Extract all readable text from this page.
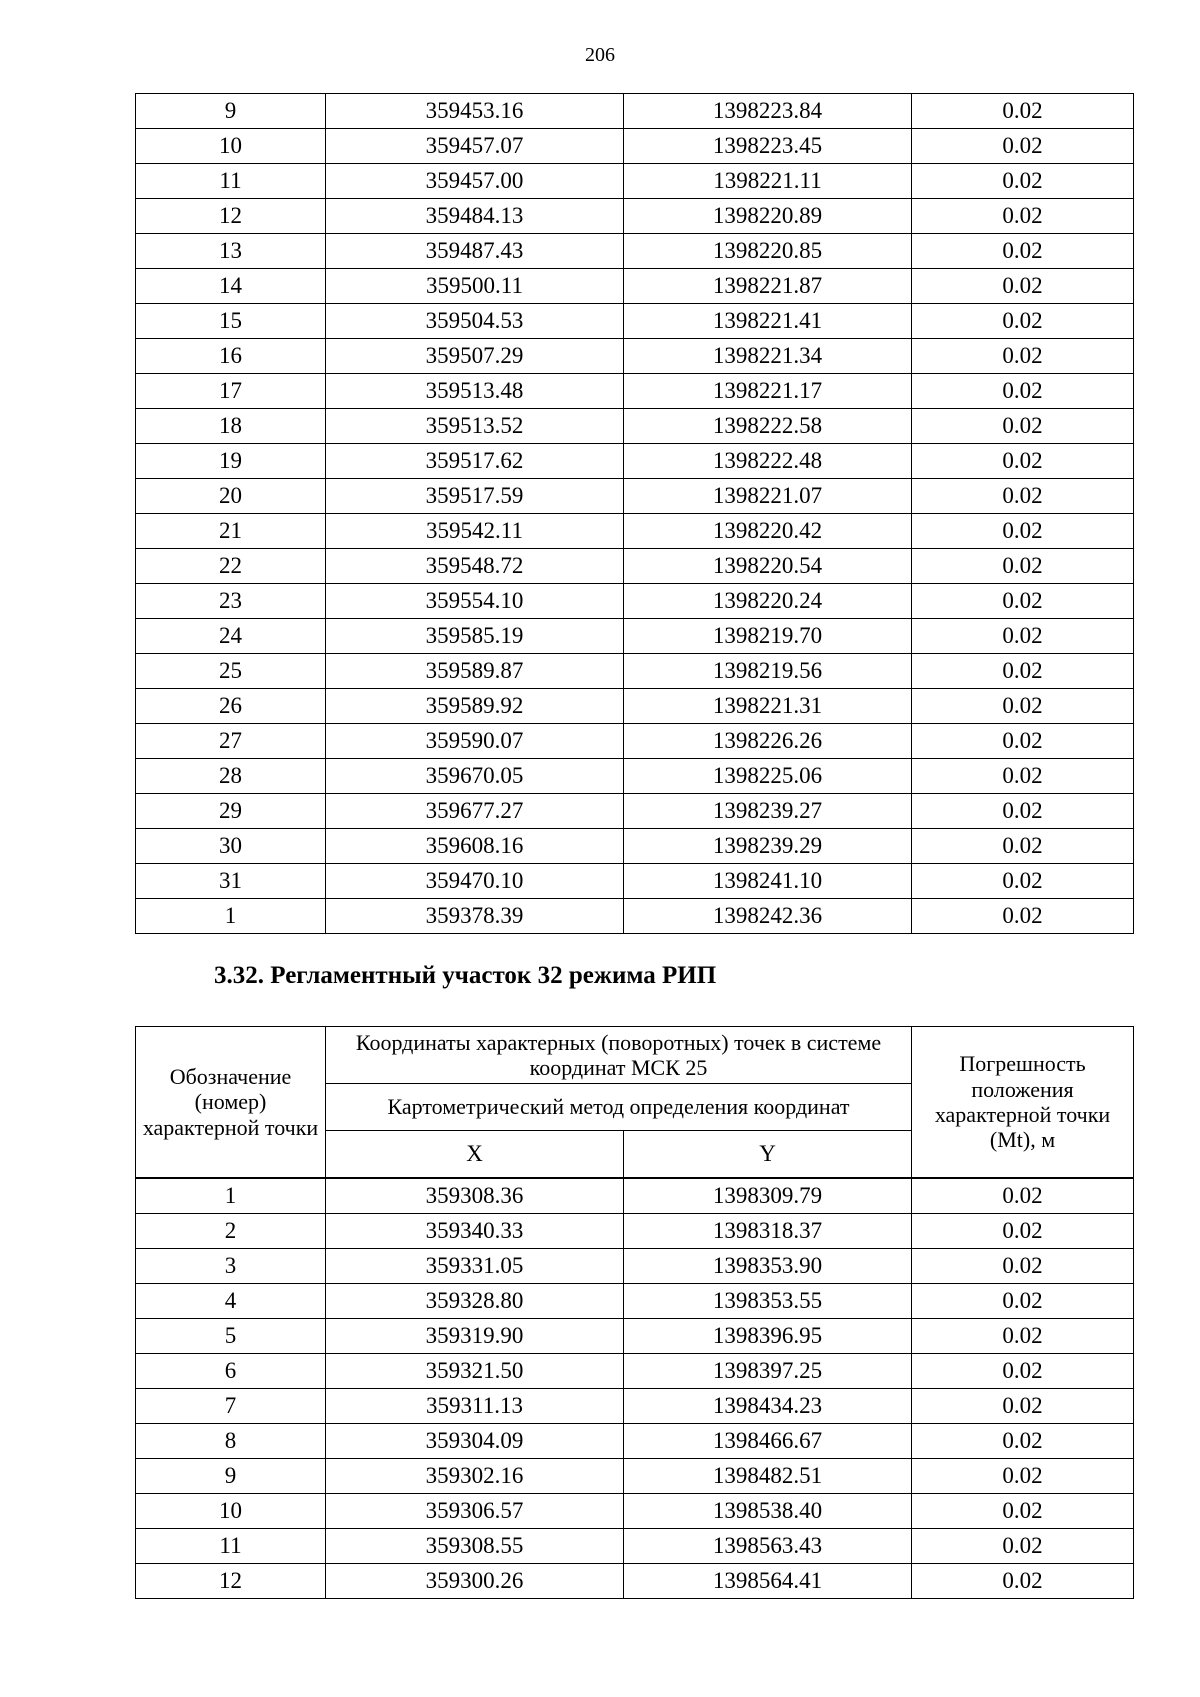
206
9	359453.16	1398223.84	0.02
10	359457.07	1398223.45	0.02
11	359457.00	1398221.11	0.02
12	359484.13	1398220.89	0.02
13	359487.43	1398220.85	0.02
14	359500.11	1398221.87	0.02
15	359504.53	1398221.41	0.02
16	359507.29	1398221.34	0.02
17	359513.48	1398221.17	0.02
18	359513.52	1398222.58	0.02
19	359517.62	1398222.48	0.02
20	359517.59	1398221.07	0.02
21	359542.11	1398220.42	0.02
22	359548.72	1398220.54	0.02
23	359554.10	1398220.24	0.02
24	359585.19	1398219.70	0.02
25	359589.87	1398219.56	0.02
26	359589.92	1398221.31	0.02
27	359590.07	1398226.26	0.02
28	359670.05	1398225.06	0.02
29	359677.27	1398239.27	0.02
30	359608.16	1398239.29	0.02
31	359470.10	1398241.10	0.02
1	359378.39	1398242.36	0.02
3.32. Регламентный участок 32 режима РИП
Обозначение (номер) характерной точки	Координаты характерных (поворотных) точек в системе координат МСК 25		Погрешность положения характерной точки (Mt), м
	Картометрический метод определения координат		
	X	Y	
1	359308.36	1398309.79	0.02
2	359340.33	1398318.37	0.02
3	359331.05	1398353.90	0.02
4	359328.80	1398353.55	0.02
5	359319.90	1398396.95	0.02
6	359321.50	1398397.25	0.02
7	359311.13	1398434.23	0.02
8	359304.09	1398466.67	0.02
9	359302.16	1398482.51	0.02
10	359306.57	1398538.40	0.02
11	359308.55	1398563.43	0.02
12	359300.26	1398564.41	0.02
